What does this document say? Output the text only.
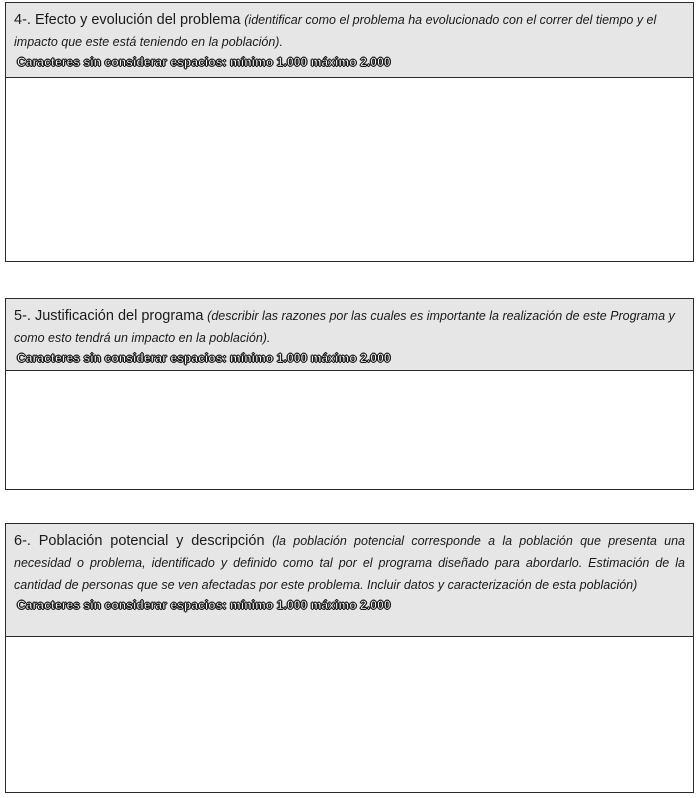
4-. Efecto y evolución del problema (identificar como el problema ha evolucionado con el correr del tiempo y el impacto que este está teniendo en la población).
Caracteres sin considerar espacios: mínimo 1.000 máximo 2.000
5-. Justificación del programa (describir las razones por las cuales es importante la realización de este Programa y como esto tendrá un impacto en la población).
Caracteres sin considerar espacios: mínimo 1.000 máximo 2.000
6-. Población potencial y descripción (la población potencial corresponde a la población que presenta una necesidad o problema, identificado y definido como tal por el programa diseñado para abordarlo. Estimación de la cantidad de personas que se ven afectadas por este problema. Incluir datos y caracterización de esta población)
Caracteres sin considerar espacios: mínimo 1.000 máximo 2.000
